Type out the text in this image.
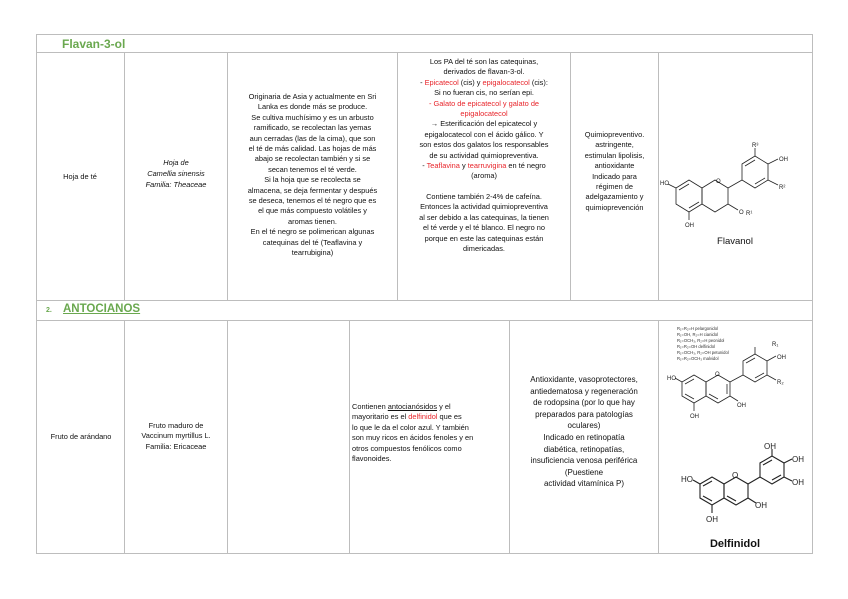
Flavan-3-ol
Hoja de té
Hoja de
Camellia sinensis
Familia: Theaceae
Originaria de Asia y actualmente en Sri
Lanka es donde más se produce.
Se cultiva muchísimo y es un arbusto
ramificado, se recolectan las yemas
aun cerradas (las de la cima), que son
el té de más calidad. Las hojas de más
abajo se recolectan también y si se
secan tenemos el té verde.
Si la hoja que se recolecta se
almacena, se deja fermentar y después
se deseca, tenemos el té negro que es
el que más compuesto volátiles y
aromas tienen.
En el té negro se polimerican algunas
catequinas del té (Teaflavina y
tearrubigina)
Los PA del té son las catequinas,
derivados de flavan-3-ol.
- Epicatecol (cis) y epigalocatecol (cis):
Si no fueran cis, no serían epi.
- Galato de epicatecol y galato de
epigalocatecol
→ Esterificación del epicatecol y
epigalocatecol con el ácido gálico. Y
son estos dos galatos los responsables
de su actividad quimiopreventiva.
- Teaflavina y tearruvigina en té negro
(aroma)
Contiene también 2-4% de cafeína.
Entonces la actividad quimiopreventiva
al ser debido a las catequinas, la tienen
el té verde y el té blanco. El negro no
porque en este las catequinas están
dimericadas.
Quimiopreventivo.
astringente,
estimulan lipolisis,
antioxidante
Indicado para
régimen de
adelgazamiento y
quimioprevención
O
R³
OH
R²
HO
OH
O R¹
Flavanol
2. ANTOCIANOS
Fruto de arándano
Fruto maduro de
Vaccinum myrtillus L.
Familia: Ericaceae
Contienen antocianósidos y el
mayoritario es el delfinidol que es
lo que le da el color azul. Y también
son muy ricos en ácidos fenoles y en
otros compuestos fenólicos como
flavonoides.
Antioxidante, vasoprotectores,
antiedematosa y regeneración
de rodopsina (por lo que hay
preparados para patologías
oculares)
Indicado en retinopatía
diabética, retinopatías,
insuficiencia venosa periférica
(Puestiene
actividad vitamínica P)
R₁=R₂=H pelargonidol
R₁=OH, R₂=H cianidol
R₁=OCH₃, R₂=H peonidol
R₁=R₂=OH delfinidol
R₁=OCH₃, R₂=OH petunidol
R₁=R₂=OCH₃ malvidol
O
R₁
OH
R₂
HO
OH
OH
O
OH
OH
OH
HO
OH
OH
Delfinidol
